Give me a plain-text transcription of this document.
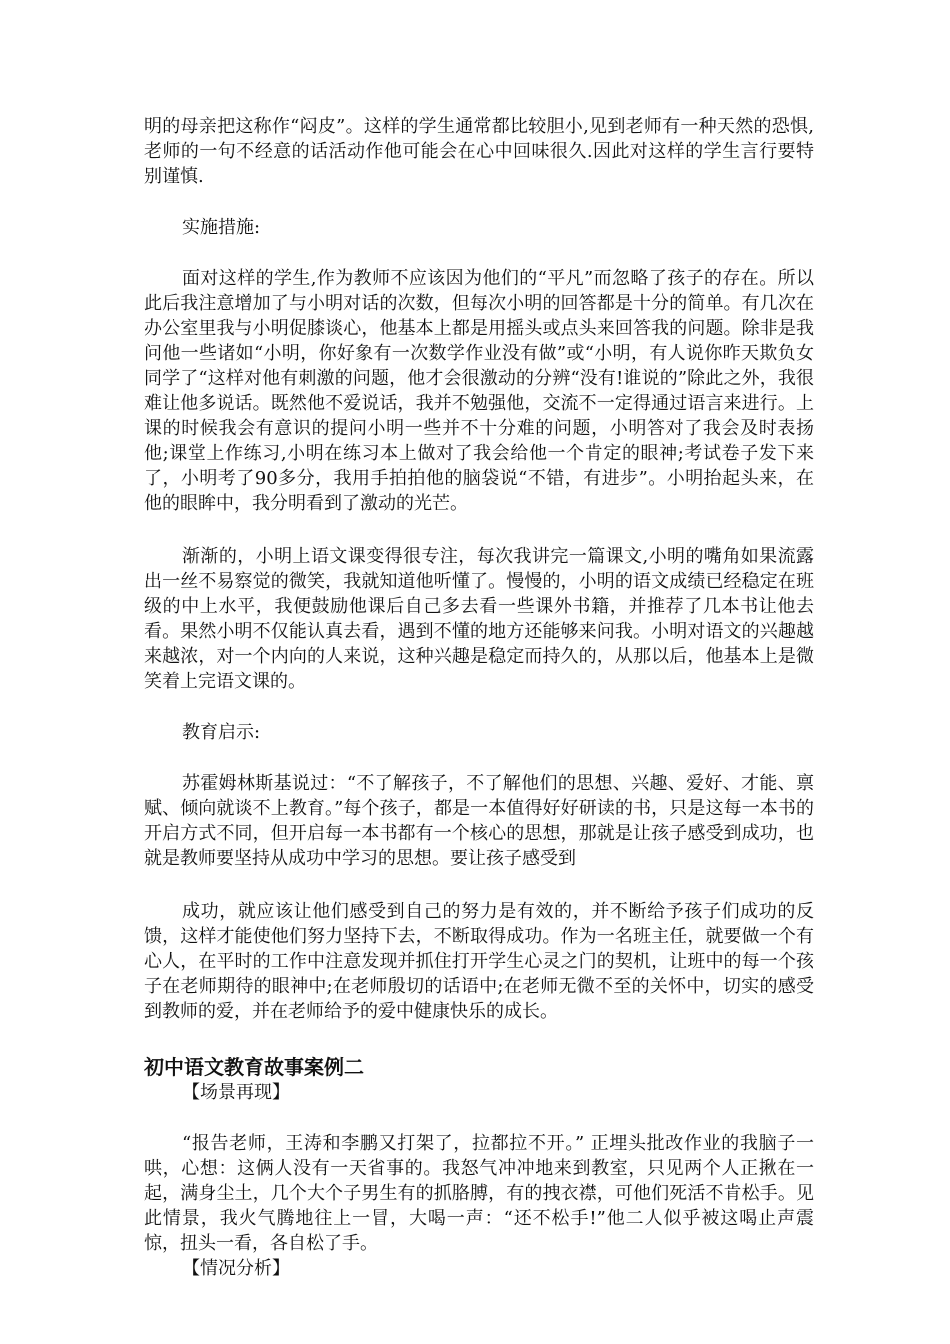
明的母亲把这称作“闷皮”。这样的学生通常都比较胆小,见到老师有一种天然的恐惧,老师的一句不经意的话活动作他可能会在心中回味很久.因此对这样的学生言行要特别谨慎.

实施措施:

面对这样的学生,作为教师不应该因为他们的“平凡”而忽略了孩子的存在。所以此后我注意增加了与小明对话的次数，但每次小明的回答都是十分的简单。有几次在办公室里我与小明促膝谈心，他基本上都是用摇头或点头来回答我的问题。除非是我问他一些诸如“小明，你好象有一次数学作业没有做”或“小明，有人说你昨天欺负女同学了“这样对他有刺激的问题，他才会很激动的分辨“没有!谁说的”除此之外，我很难让他多说话。既然他不爱说话，我并不勉强他，交流不一定得通过语言来进行。上课的时候我会有意识的提问小明一些并不十分难的问题，小明答对了我会及时表扬他;课堂上作练习,小明在练习本上做对了我会给他一个肯定的眼神;考试卷子发下来了，小明考了90多分，我用手拍拍他的脑袋说“不错，有进步”。小明抬起头来，在他的眼眸中，我分明看到了激动的光芒。

渐渐的，小明上语文课变得很专注，每次我讲完一篇课文,小明的嘴角如果流露出一丝不易察觉的微笑，我就知道他听懂了。慢慢的，小明的语文成绩已经稳定在班级的中上水平，我便鼓励他课后自己多去看一些课外书籍，并推荐了几本书让他去看。果然小明不仅能认真去看，遇到不懂的地方还能够来问我。小明对语文的兴趣越来越浓，对一个内向的人来说，这种兴趣是稳定而持久的，从那以后，他基本上是微笑着上完语文课的。

教育启示:

苏霍姆林斯基说过：“不了解孩子，不了解他们的思想、兴趣、爱好、才能、禀赋、倾向就谈不上教育。”每个孩子，都是一本值得好好研读的书，只是这每一本书的开启方式不同，但开启每一本书都有一个核心的思想，那就是让孩子感受到成功，也就是教师要坚持从成功中学习的思想。要让孩子感受到

成功，就应该让他们感受到自己的努力是有效的，并不断给予孩子们成功的反馈，这样才能使他们努力坚持下去，不断取得成功。作为一名班主任，就要做一个有心人，在平时的工作中注意发现并抓住打开学生心灵之门的契机，让班中的每一个孩子在老师期待的眼神中;在老师殷切的话语中;在老师无微不至的关怀中，切实的感受到教师的爱，并在老师给予的爱中健康快乐的成长。

初中语文教育故事案例二

【场景再现】

“报告老师，王涛和李鹏又打架了，拉都拉不开。” 正埋头批改作业的我脑子一哄，心想：这俩人没有一天省事的。我怒气冲冲地来到教室，只见两个人正揪在一起，满身尘土，几个大个子男生有的抓胳膊，有的拽衣襟，可他们死活不肯松手。见此情景，我火气腾地往上一冒，大喝一声：“还不松手!”他二人似乎被这喝止声震惊，扭头一看，各自松了手。

【情况分析】
